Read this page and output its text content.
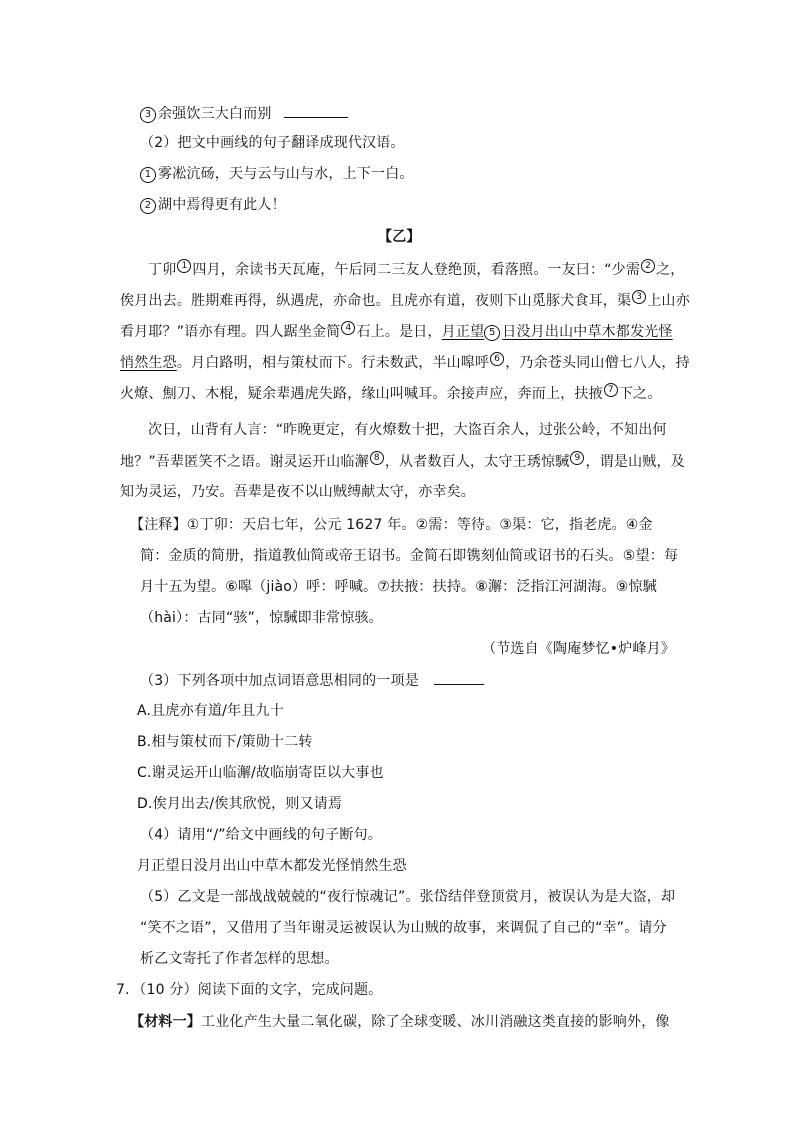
3 余强饮三大白而别
（2）把文中画线的句子翻译成现代汉语。
1 雾凇沆砀，天与云与山与水，上下一白。
2 湖中焉得更有此人！
【乙】
丁卯 1 四月，余读书天瓦庵，午后同二三友人登绝顶，看落照。一友曰：“少需 2 之，
俟月出去。胜期难再得，纵遇虎，亦命也。且虎亦有道，夜则下山觅豚犬食耳，渠 3 上山亦
看月耶？”语亦有理。四人踞坐金简 4 石上。是日，月正望 5 日没月出山中草木都发光怪
悄然生恐。月白路明，相与策杖而下。行未数武，半山嗥呼 6 ，乃余苍头同山僧七八人，持
火燎、劁刀、木棍，疑余辈遇虎失路，缘山叫喊耳。余接声应，奔而上，扶掖 7 下之。
次日，山背有人言：“昨晚更定，有火燎数十把，大盗百余人，过张公岭，不知出何
地？”吾辈匿笑不之语。谢灵运开山临澥 8 ，从者数百人，太守王琇惊駴 9 ，谓是山贼，及
知为灵运，乃安。吾辈是夜不以山贼缚献太守，亦幸矣。
【注释】①丁卯：天启七年，公元 1627 年。②需：等待。③渠：它，指老虎。④金
简：金质的简册，指道教仙简或帝王诏书。金简石即镌刻仙简或诏书的石头。⑤望：每
月十五为望。⑥嗥（jiào）呼：呼喊。⑦扶掖：扶持。⑧澥：泛指江河湖海。⑨惊駴
（hài）：古同“骇”，惊駴即非常惊骇。
（节选自《陶庵梦忆•炉峰月》
（3）下列各项中加点词语意思相同的一项是
A.且虎亦有道/年且九十
B.相与策杖而下/策勋十二转
C.谢灵运开山临澥/故临崩寄臣以大事也
D.俟月出去/俟其欣悦，则又请焉
（4）请用“/”给文中画线的句子断句。
月正望日没月出山中草木都发光怪悄然生恐
（5）乙文是一部战战兢兢的“夜行惊魂记”。张岱结伴登顶赏月，被误认为是大盗，却
“笑不之语”，又借用了当年谢灵运被误认为山贼的故事，来调侃了自己的“幸”。请分
析乙文寄托了作者怎样的思想。
7．（10 分）阅读下面的文字，完成问题。
【材料一】工业化产生大量二氧化碳，除了全球变暖、冰川消融这类直接的影响外，像
